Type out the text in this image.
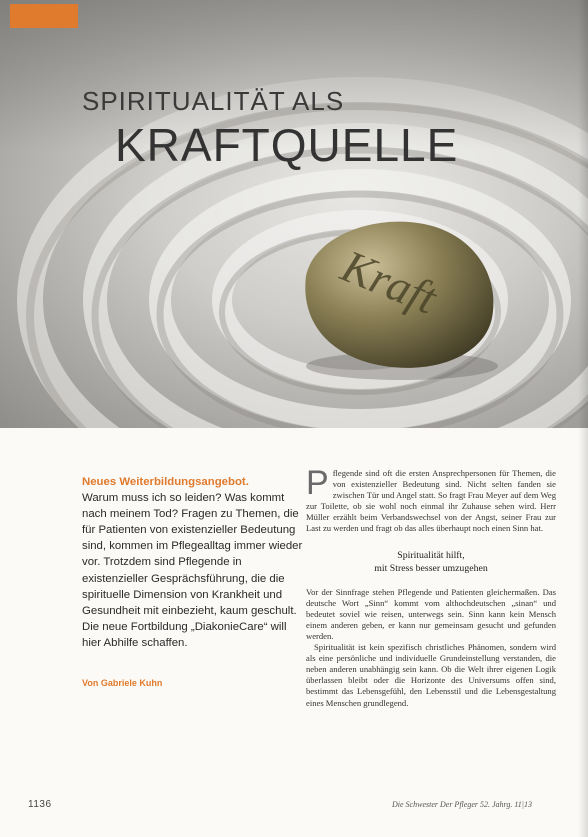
SPIRITUALITÄT ALS
KRAFTQUELLE
Kraft
Neues Weiterbildungsangebot.
Warum muss ich so leiden? Was kommt nach meinem Tod? Fragen zu Themen, die für Patienten von existenzieller Bedeutung sind, kommen im Pflegealltag immer wieder vor. Trotzdem sind Pflegende in existenzieller Gesprächsführung, die die spirituelle Dimension von Krankheit und Gesundheit mit einbezieht, kaum geschult. Die neue Fortbildung „DiakonieCare“ will hier Abhilfe schaffen.
Von Gabriele Kuhn

Pflegende sind oft die ersten Ansprechpersonen für Themen, die von existenzieller Bedeutung sind. Nicht selten fanden sie zwischen Tür und Angel statt. So fragt Frau Meyer auf dem Weg zur Toilette, ob sie wohl noch einmal ihr Zuhause sehen wird. Herr Müller erzählt beim Verbandswechsel von der Angst, seiner Frau zur Last zu werden und fragt ob das alles überhaupt noch einen Sinn hat.

Spiritualität hilft,
mit Stress besser umzugehen

Vor der Sinnfrage stehen Pflegende und Patienten gleichermaßen. Das deutsche Wort „Sinn“ kommt vom althochdeutschen „sinan“ und bedeutet soviel wie reisen, unterwegs sein. Sinn kann kein Mensch einem anderen geben, er kann nur gemeinsam gesucht und gefunden werden.

Spiritualität ist kein spezifisch christliches Phänomen, sondern wird als eine persönliche und individuelle Grundeinstellung verstanden, die neben anderen unabhängig sein kann. Ob die Welt ihrer eigenen Logik überlassen bleibt oder die Horizonte des Universums offen sind, bestimmt das Lebensgefühl, den Lebensstil und die Lebensgestaltung eines Menschen grundlegend.

1136	Die Schwester Der Pfleger 52. Jahrg. 11|13
